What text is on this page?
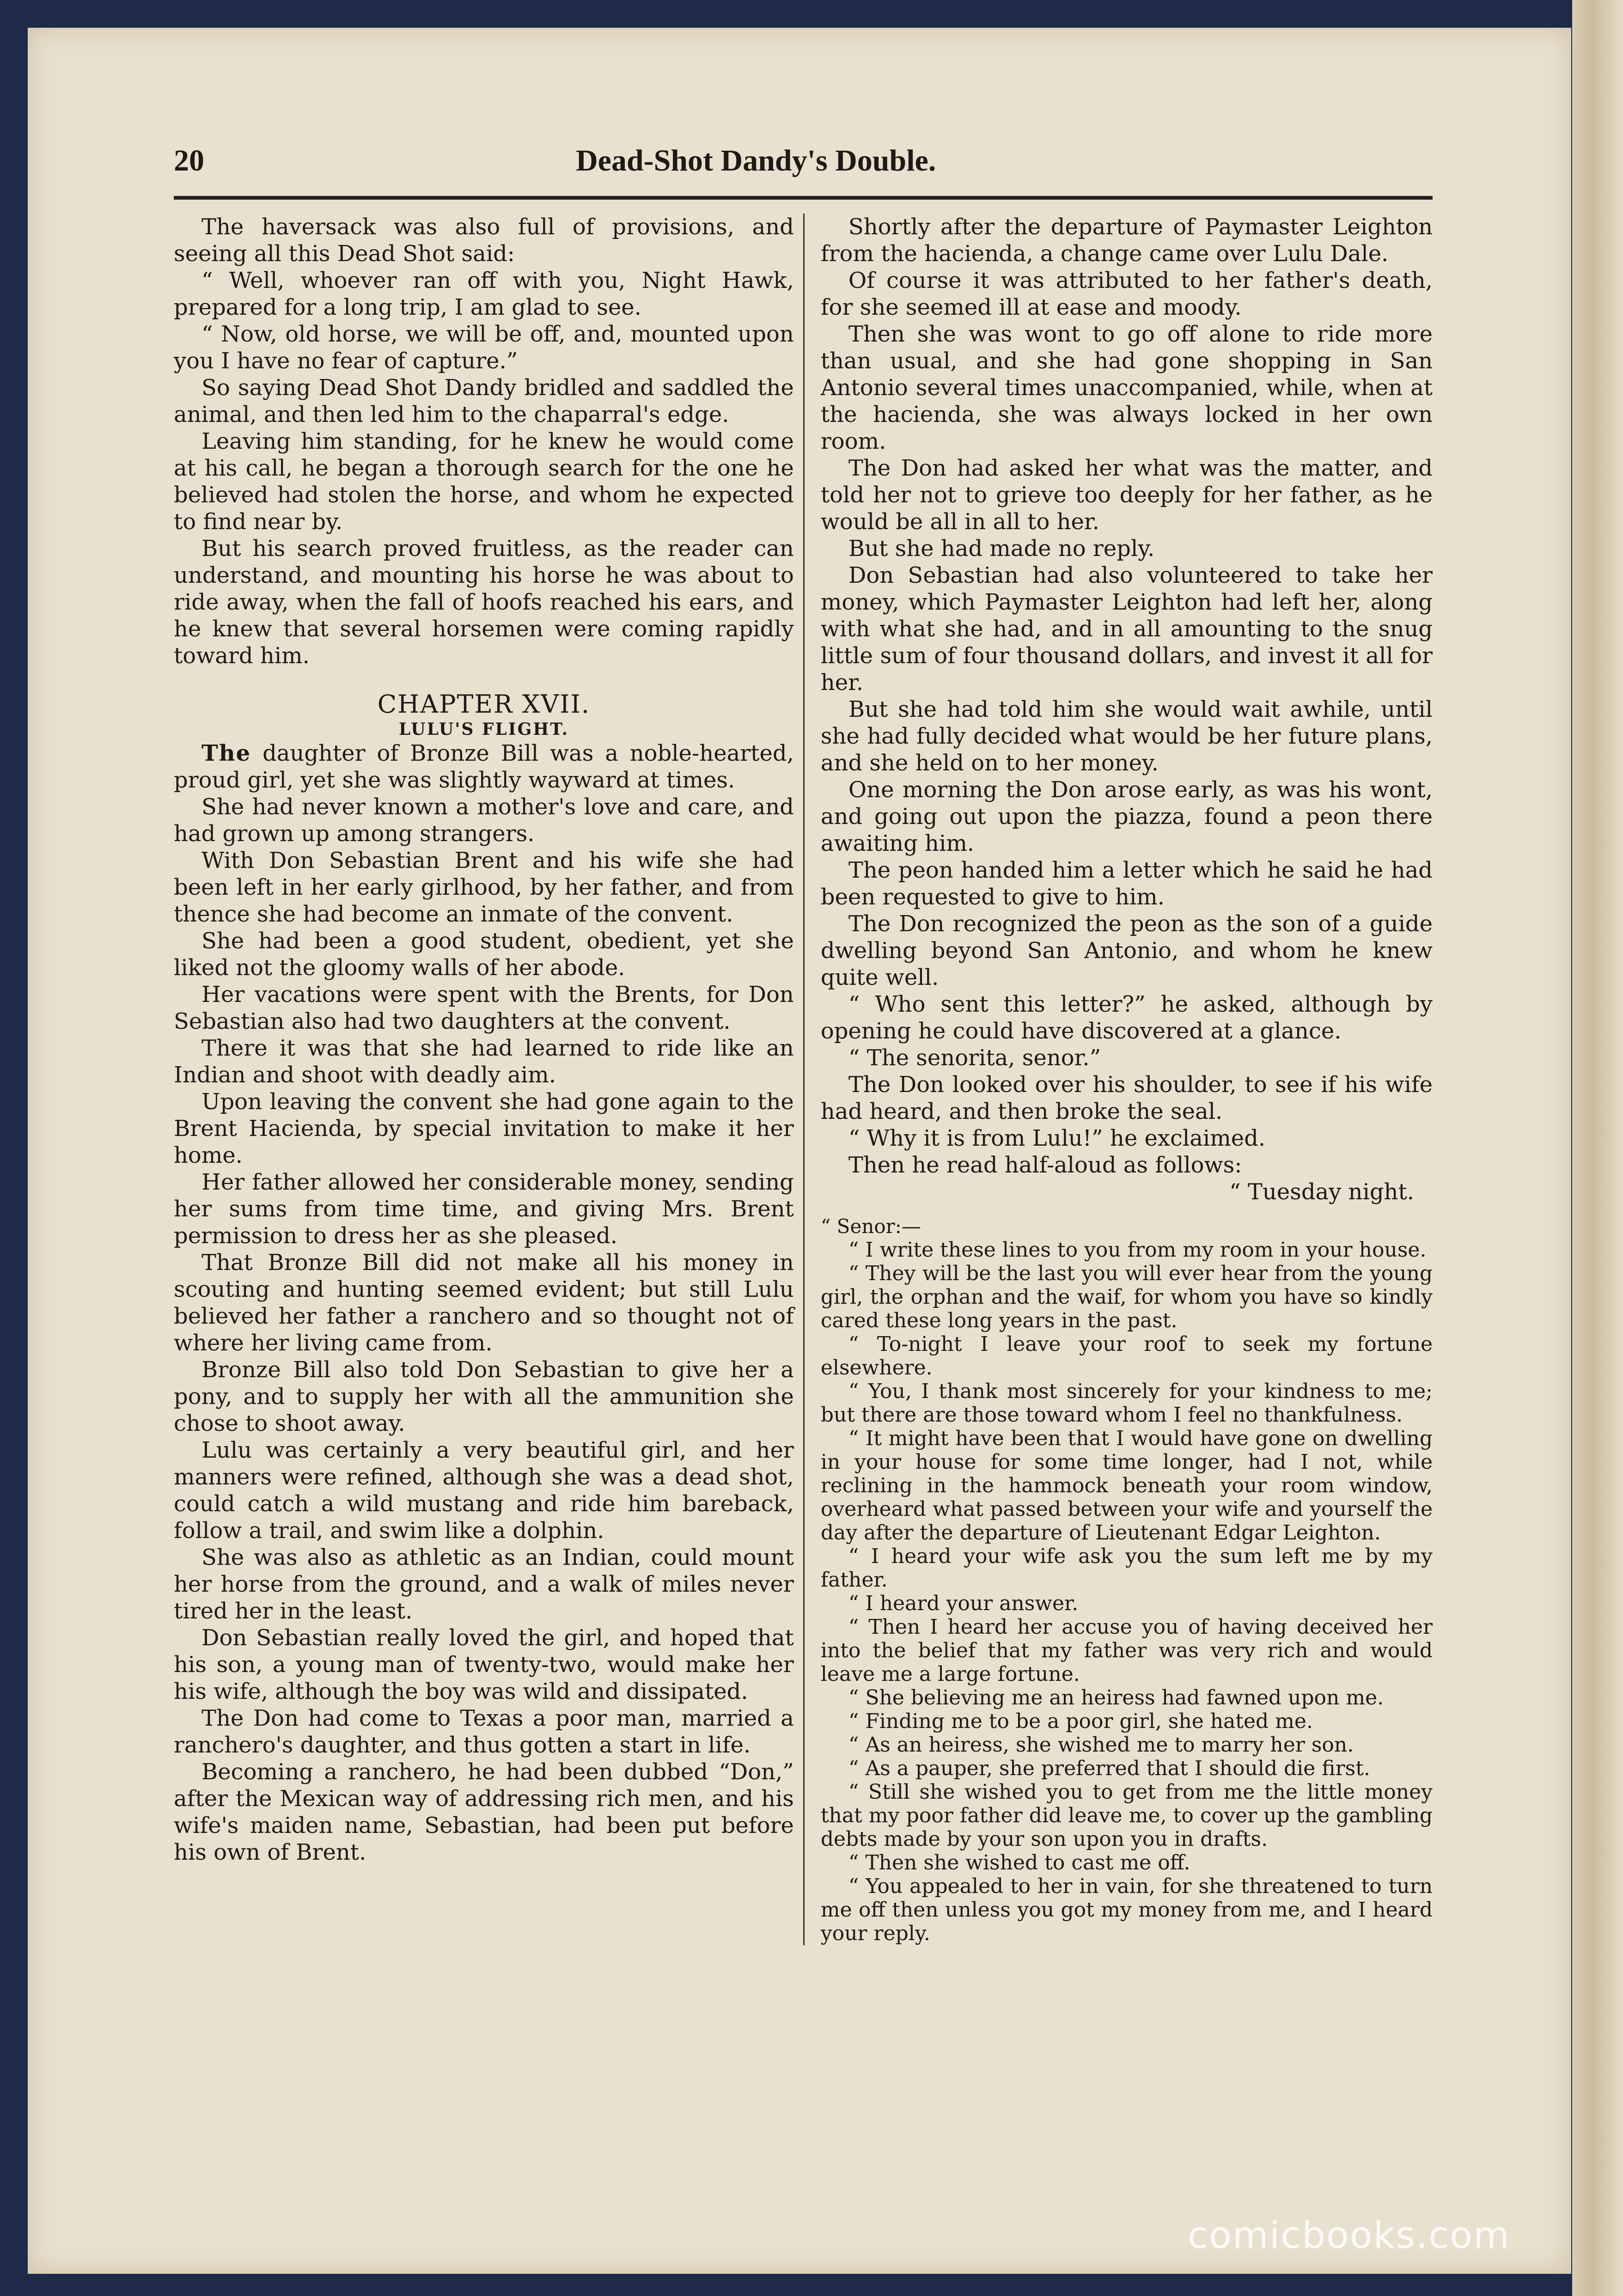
20	Dead-Shot Dandy's Double.

The haversack was also full of provisions, and seeing all this Dead Shot said:

“ Well, whoever ran off with you, Night Hawk, prepared for a long trip, I am glad to see.

“ Now, old horse, we will be off, and, mounted upon you I have no fear of capture.”

So saying Dead Shot Dandy bridled and saddled the animal, and then led him to the chaparral's edge.

Leaving him standing, for he knew he would come at his call, he began a thorough search for the one he believed had stolen the horse, and whom he expected to find near by.

But his search proved fruitless, as the reader can understand, and mounting his horse he was about to ride away, when the fall of hoofs reached his ears, and he knew that several horsemen were coming rapidly toward him.

CHAPTER XVII.
LULU'S FLIGHT.

The daughter of Bronze Bill was a noble-hearted, proud girl, yet she was slightly wayward at times.

She had never known a mother's love and care, and had grown up among strangers.

With Don Sebastian Brent and his wife she had been left in her early girlhood, by her father, and from thence she had become an inmate of the convent.

She had been a good student, obedient, yet she liked not the gloomy walls of her abode.

Her vacations were spent with the Brents, for Don Sebastian also had two daughters at the convent.

There it was that she had learned to ride like an Indian and shoot with deadly aim.

Upon leaving the convent she had gone again to the Brent Hacienda, by special invitation to make it her home.

Her father allowed her considerable money, sending her sums from time time, and giving Mrs. Brent permission to dress her as she pleased.

That Bronze Bill did not make all his money in scouting and hunting seemed evident; but still Lulu believed her father a ranchero and so thought not of where her living came from.

Bronze Bill also told Don Sebastian to give her a pony, and to supply her with all the ammunition she chose to shoot away.

Lulu was certainly a very beautiful girl, and her manners were refined, although she was a dead shot, could catch a wild mustang and ride him bareback, follow a trail, and swim like a dolphin.

She was also as athletic as an Indian, could mount her horse from the ground, and a walk of miles never tired her in the least.

Don Sebastian really loved the girl, and hoped that his son, a young man of twenty-two, would make her his wife, although the boy was wild and dissipated.

The Don had come to Texas a poor man, married a ranchero's daughter, and thus gotten a start in life.

Becoming a ranchero, he had been dubbed “Don,” after the Mexican way of addressing rich men, and his wife's maiden name, Sebastian, had been put before his own of Brent.

Shortly after the departure of Paymaster Leighton from the hacienda, a change came over Lulu Dale.

Of course it was attributed to her father's death, for she seemed ill at ease and moody.

Then she was wont to go off alone to ride more than usual, and she had gone shopping in San Antonio several times unaccompanied, while, when at the hacienda, she was always locked in her own room.

The Don had asked her what was the matter, and told her not to grieve too deeply for her father, as he would be all in all to her.

But she had made no reply.

Don Sebastian had also volunteered to take her money, which Paymaster Leighton had left her, along with what she had, and in all amounting to the snug little sum of four thousand dollars, and invest it all for her.

But she had told him she would wait awhile, until she had fully decided what would be her future plans, and she held on to her money.

One morning the Don arose early, as was his wont, and going out upon the piazza, found a peon there awaiting him.

The peon handed him a letter which he said he had been requested to give to him.

The Don recognized the peon as the son of a guide dwelling beyond San Antonio, and whom he knew quite well.

“ Who sent this letter?” he asked, although by opening he could have discovered at a glance.

“ The senorita, senor.”

The Don looked over his shoulder, to see if his wife had heard, and then broke the seal.

“ Why it is from Lulu!” he exclaimed.

Then he read half-aloud as follows:

“ Tuesday night.

“ Senor:—

“ I write these lines to you from my room in your house.

“ They will be the last you will ever hear from the young girl, the orphan and the waif, for whom you have so kindly cared these long years in the past.

“ To-night I leave your roof to seek my fortune elsewhere.

“ You, I thank most sincerely for your kindness to me; but there are those toward whom I feel no thankfulness.

“ It might have been that I would have gone on dwelling in your house for some time longer, had I not, while reclining in the hammock beneath your room window, overheard what passed between your wife and yourself the day after the departure of Lieutenant Edgar Leighton.

“ I heard your wife ask you the sum left me by my father.

“ I heard your answer.

“ Then I heard her accuse you of having deceived her into the belief that my father was very rich and would leave me a large fortune.

“ She believing me an heiress had fawned upon me.

“ Finding me to be a poor girl, she hated me.

“ As an heiress, she wished me to marry her son.

“ As a pauper, she preferred that I should die first.

“ Still she wished you to get from me the little money that my poor father did leave me, to cover up the gambling debts made by your son upon you in drafts.

“ Then she wished to cast me off.

“ You appealed to her in vain, for she threatened to turn me off then unless you got my money from me, and I heard your reply.

comicbooks.com
